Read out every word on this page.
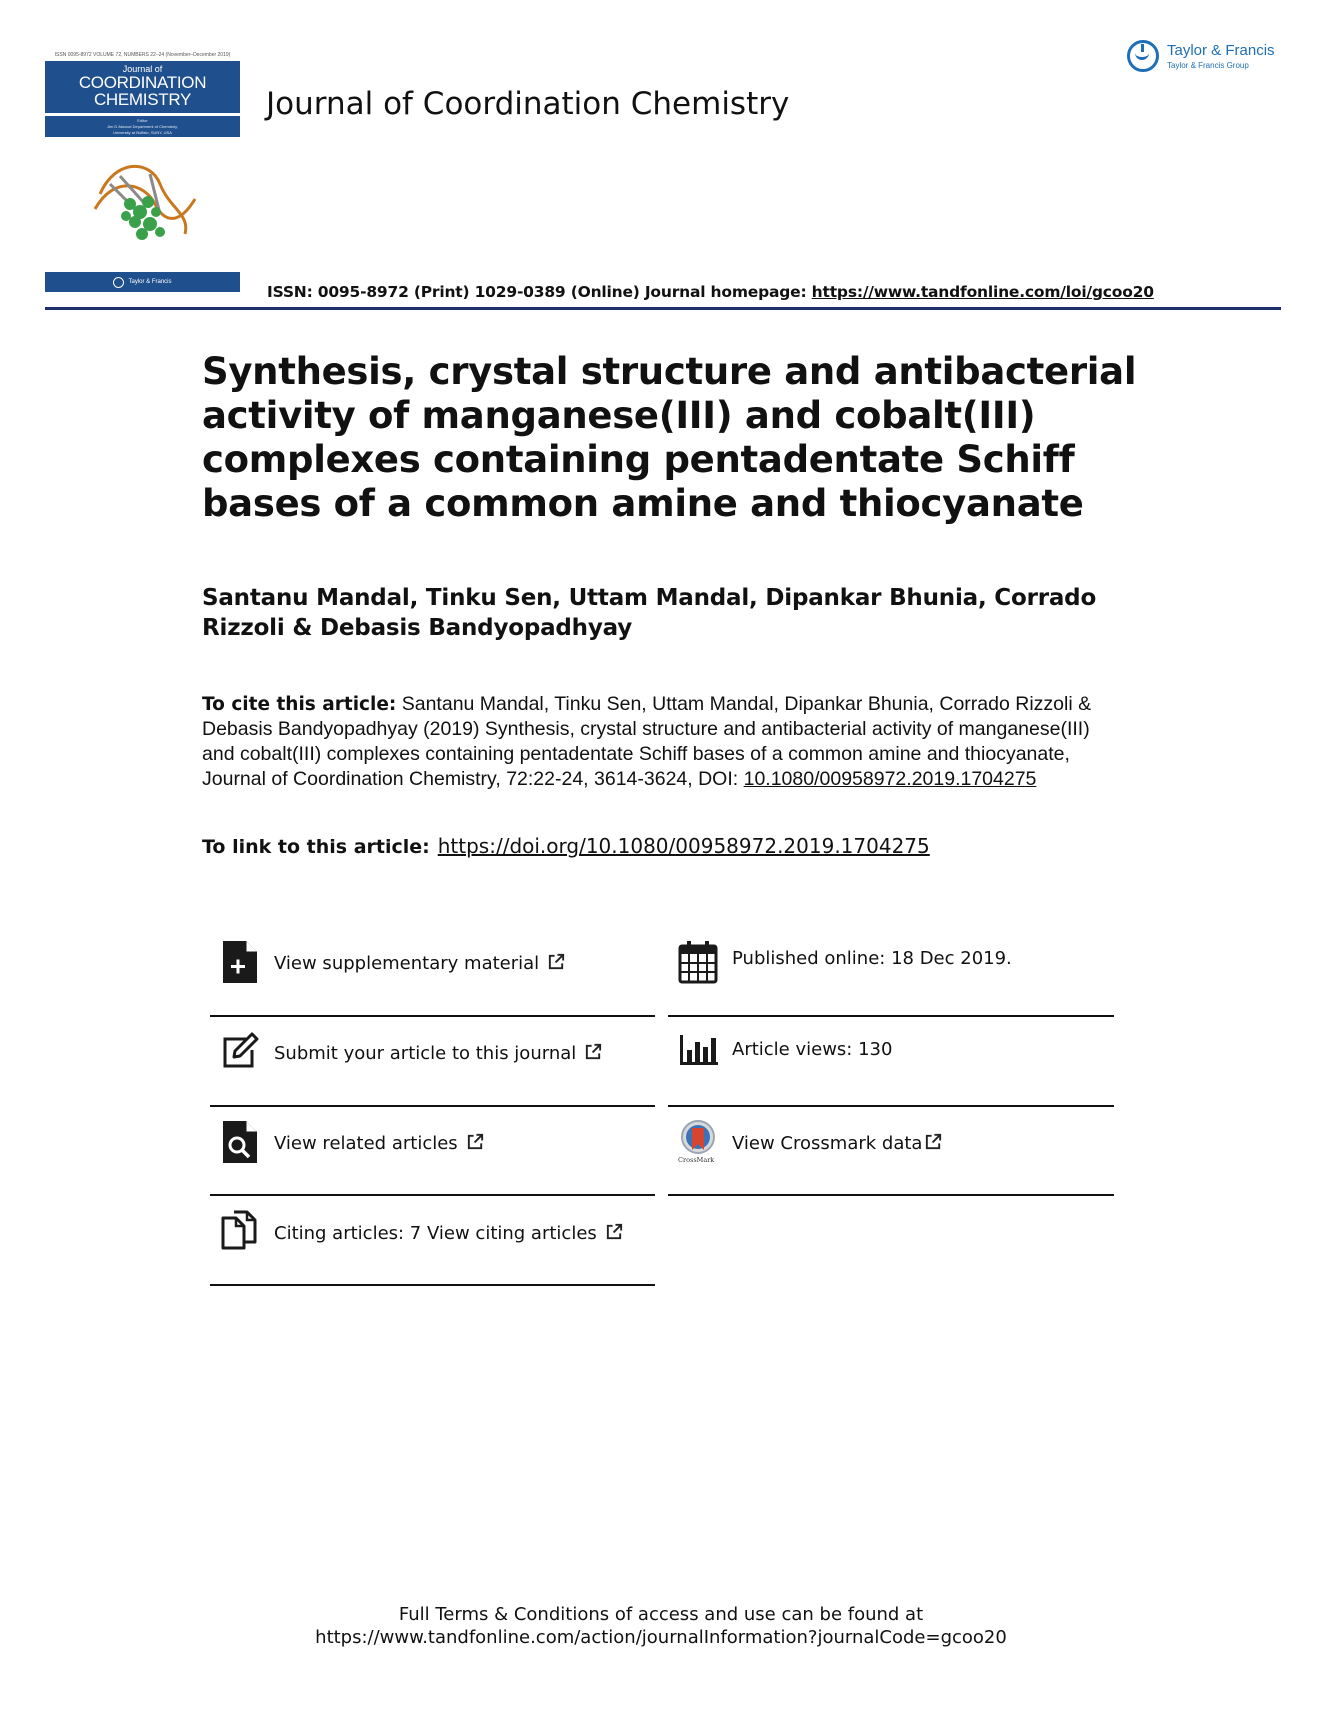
ISSN 0095-8972 VOLUME 72, NUMBERS 22–24 (November–December 2019)
Journal of
COORDINATION
CHEMISTRY
Editor
Jim D Atwood Department of Chemistry,
University at Buffalo, SUNY, USA
Taylor & Francis
Journal of Coordination Chemistry
Taylor & Francis
Taylor & Francis Group
ISSN: 0095-8972 (Print) 1029-0389 (Online) Journal homepage: https://www.tandfonline.com/loi/gcoo20
Synthesis, crystal structure and antibacterial activity of manganese(III) and cobalt(III) complexes containing pentadentate Schiff bases of a common amine and thiocyanate
Santanu Mandal, Tinku Sen, Uttam Mandal, Dipankar Bhunia, Corrado Rizzoli & Debasis Bandyopadhyay
To cite this article: Santanu Mandal, Tinku Sen, Uttam Mandal, Dipankar Bhunia, Corrado Rizzoli & Debasis Bandyopadhyay (2019) Synthesis, crystal structure and antibacterial activity of manganese(III) and cobalt(III) complexes containing pentadentate Schiff bases of a common amine and thiocyanate, Journal of Coordination Chemistry, 72:22-24, 3614-3624, DOI: 10.1080/00958972.2019.1704275
To link to this article: https://doi.org/10.1080/00958972.2019.1704275
View supplementary material	Published online: 18 Dec 2019.
Submit your article to this journal	Article views: 130
View related articles
CrossMark
View Crossmark data
Citing articles: 7 View citing articles
Full Terms & Conditions of access and use can be found at
https://www.tandfonline.com/action/journalInformation?journalCode=gcoo20
